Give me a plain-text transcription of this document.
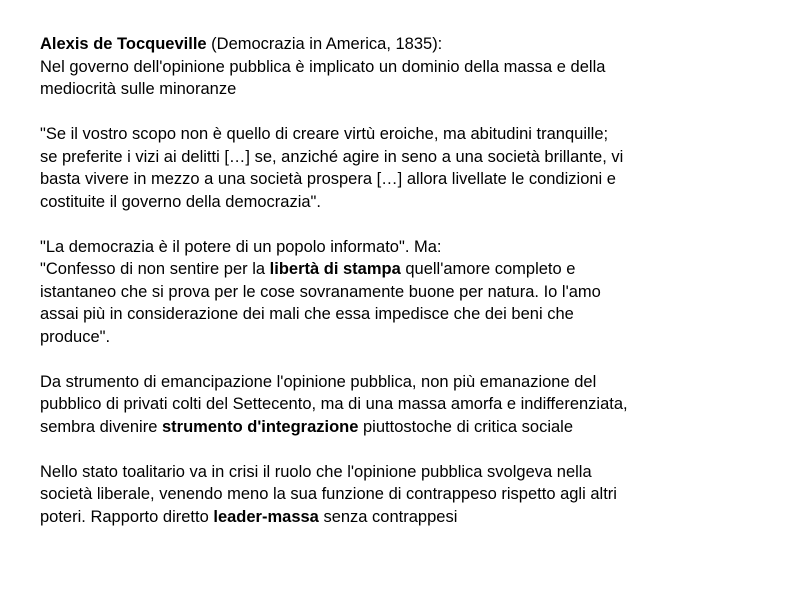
Alexis de Tocqueville (Democrazia in America, 1835):
Nel governo dell'opinione pubblica è implicato un dominio della massa e della
mediocrità sulle minoranze
"Se il vostro scopo non è quello di creare virtù eroiche, ma abitudini tranquille;
se preferite i vizi ai delitti […] se, anziché agire in seno a una società brillante, vi
basta vivere in mezzo a una società prospera […] allora livellate le condizioni e
costituite il governo della democrazia".
"La democrazia è il potere di un popolo informato". Ma:
"Confesso di non sentire per la libertà di stampa quell'amore completo e
istantaneo che si prova per le cose sovranamente buone per natura. Io l'amo
assai più in considerazione dei mali che essa impedisce che dei beni che
produce".
Da strumento di emancipazione l'opinione pubblica, non più emanazione del
pubblico di privati colti del Settecento, ma di una massa amorfa e indifferenziata,
sembra divenire strumento d'integrazione piuttostoche di critica sociale
Nello stato toalitario va in crisi il ruolo che l'opinione pubblica svolgeva nella
società liberale, venendo meno la sua funzione di contrappeso rispetto agli altri
poteri. Rapporto diretto leader-massa senza contrappesi
